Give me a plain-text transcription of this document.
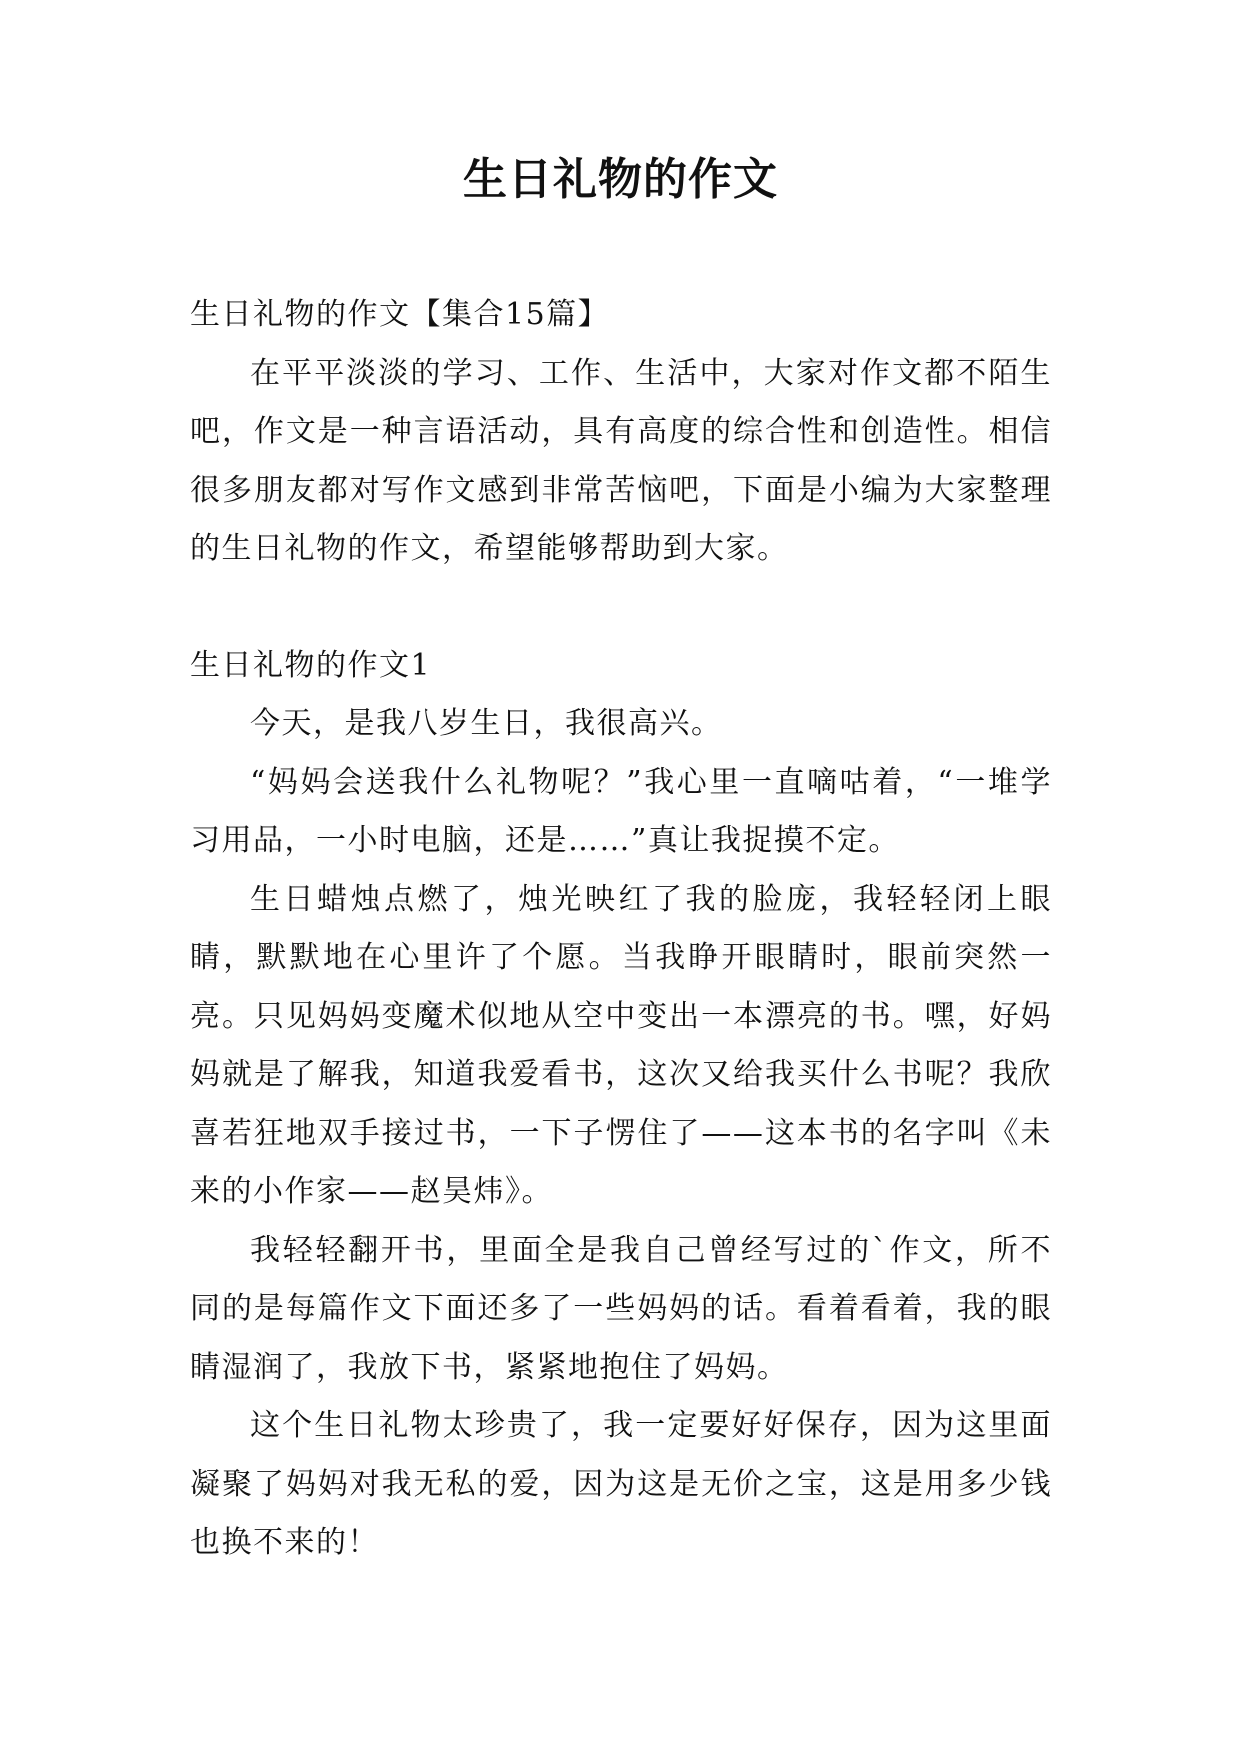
生日礼物的作文

生日礼物的作文【集合15篇】

在平平淡淡的学习、工作、生活中，大家对作文都不陌生吧，作文是一种言语活动，具有高度的综合性和创造性。相信很多朋友都对写作文感到非常苦恼吧，下面是小编为大家整理的生日礼物的作文，希望能够帮助到大家。

生日礼物的作文1

今天，是我八岁生日，我很高兴。

“妈妈会送我什么礼物呢？”我心里一直嘀咕着，“一堆学习用品，一小时电脑，还是……”真让我捉摸不定。

生日蜡烛点燃了，烛光映红了我的脸庞，我轻轻闭上眼睛，默默地在心里许了个愿。当我睁开眼睛时，眼前突然一亮。只见妈妈变魔术似地从空中变出一本漂亮的书。嘿，好妈妈就是了解我，知道我爱看书，这次又给我买什么书呢？我欣喜若狂地双手接过书，一下子愣住了——这本书的名字叫《未来的小作家——赵昊炜》。

我轻轻翻开书，里面全是我自己曾经写过的`作文，所不同的是每篇作文下面还多了一些妈妈的话。看着看着，我的眼睛湿润了，我放下书，紧紧地抱住了妈妈。

这个生日礼物太珍贵了，我一定要好好保存，因为这里面凝聚了妈妈对我无私的爱，因为这是无价之宝，这是用多少钱也换不来的！
